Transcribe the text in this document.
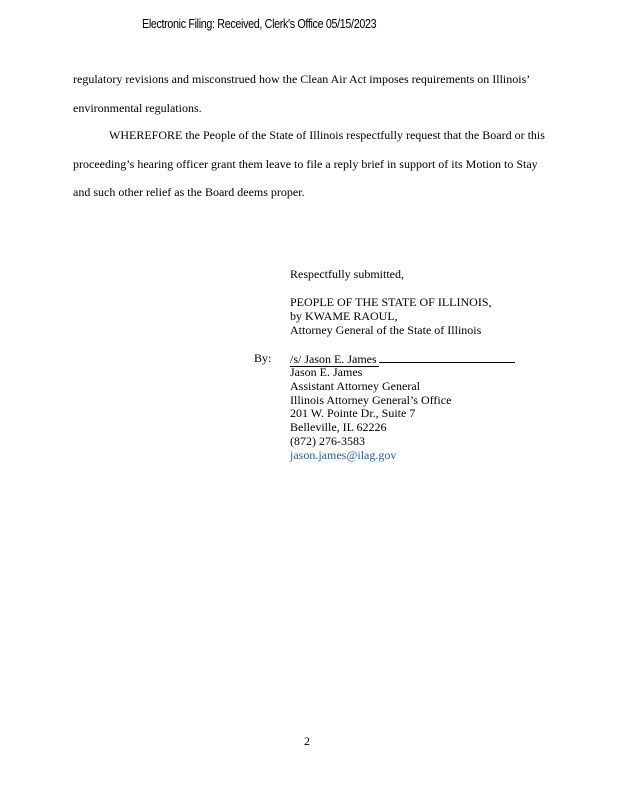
Electronic Filing: Received, Clerk's Office 05/15/2023
regulatory revisions and misconstrued how the Clean Air Act imposes requirements on Illinois’
environmental regulations.
WHEREFORE the People of the State of Illinois respectfully request that the Board or this
proceeding’s hearing officer grant them leave to file a reply brief in support of its Motion to Stay
and such other relief as the Board deems proper.
Respectfully submitted,
PEOPLE OF THE STATE OF ILLINOIS,
by KWAME RAOUL,
Attorney General of the State of Illinois
By: /s/ Jason E. James
Jason E. James
Assistant Attorney General
Illinois Attorney General’s Office
201 W. Pointe Dr., Suite 7
Belleville, IL 62226
(872) 276-3583
jason.james@ilag.gov
2
